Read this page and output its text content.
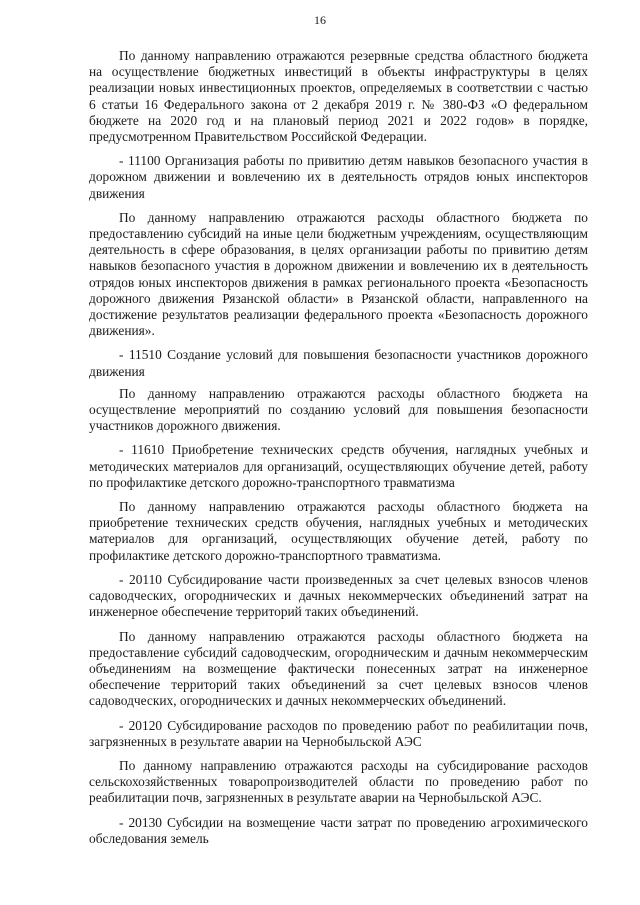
16

По данному направлению отражаются резервные средства областного бюджета на осуществление бюджетных инвестиций в объекты инфраструктуры в целях реализации новых инвестиционных проектов, определяемых в соответствии с частью 6 статьи 16 Федерального закона от 2 декабря 2019 г. № 380-ФЗ «О федеральном бюджете на 2020 год и на плановый период 2021 и 2022 годов» в порядке, предусмотренном Правительством Российской Федерации.

- 11100 Организация работы по привитию детям навыков безопасного участия в дорожном движении и вовлечению их в деятельность отрядов юных инспекторов движения

По данному направлению отражаются расходы областного бюджета по предоставлению субсидий на иные цели бюджетным учреждениям, осуществляющим деятельность в сфере образования, в целях организации работы по привитию детям навыков безопасного участия в дорожном движении и вовлечению их в деятельность отрядов юных инспекторов движения в рамках регионального проекта «Безопасность дорожного движения Рязанской области» в Рязанской области, направленного на достижение результатов реализации федерального проекта «Безопасность дорожного движения».

- 11510 Создание условий для повышения безопасности участников дорожного движения

По данному направлению отражаются расходы областного бюджета на осуществление мероприятий по созданию условий для повышения безопасности участников дорожного движения.

- 11610 Приобретение технических средств обучения, наглядных учебных и методических материалов для организаций, осуществляющих обучение детей, работу по профилактике детского дорожно-транспортного травматизма

По данному направлению отражаются расходы областного бюджета на приобретение технических средств обучения, наглядных учебных и методических материалов для организаций, осуществляющих обучение детей, работу по профилактике детского дорожно-транспортного травматизма.

- 20110 Субсидирование части произведенных за счет целевых взносов членов садоводческих, огороднических и дачных некоммерческих объединений затрат на инженерное обеспечение территорий таких объединений.

По данному направлению отражаются расходы областного бюджета на предоставление субсидий садоводческим, огородническим и дачным некоммерческим объединениям на возмещение фактически понесенных затрат на инженерное обеспечение территорий таких объединений за счет целевых взносов членов садоводческих, огороднических и дачных некоммерческих объединений.

- 20120 Субсидирование расходов по проведению работ по реабилитации почв, загрязненных в результате аварии на Чернобыльской АЭС

По данному направлению отражаются расходы на субсидирование расходов сельскохозяйственных товаропроизводителей области по проведению работ по реабилитации почв, загрязненных в результате аварии на Чернобыльской АЭС.

- 20130 Субсидии на возмещение части затрат по проведению агрохимического обследования земель
